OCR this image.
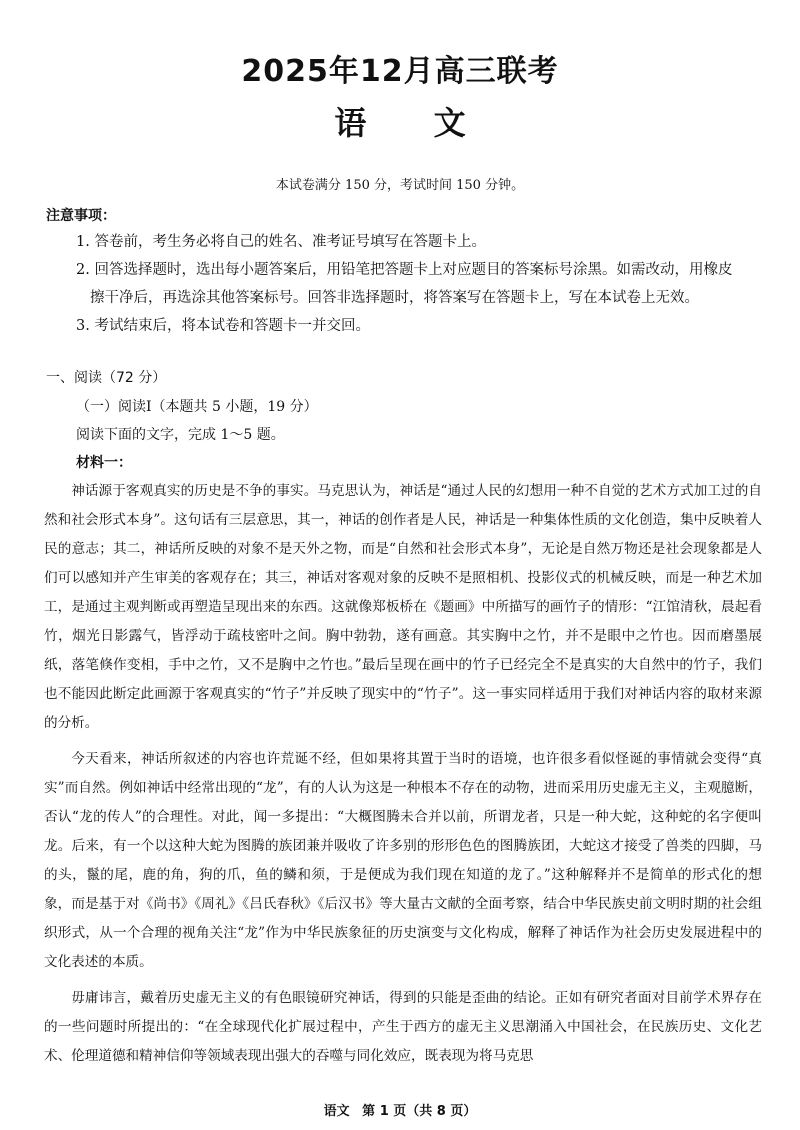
2025年12月高三联考
语 文

本试卷满分 150 分，考试时间 150 分钟。

注意事项：

1. 答卷前，考生务必将自己的姓名、准考证号填写在答题卡上。

2. 回答选择题时，选出每小题答案后，用铅笔把答题卡上对应题目的答案标号涂黑。如需改动，用橡皮

擦干净后，再选涂其他答案标号。回答非选择题时，将答案写在答题卡上，写在本试卷上无效。

3. 考试结束后，将本试卷和答题卡一并交回。

一、阅读（72 分）

（一）阅读Ⅰ（本题共 5 小题，19 分）

阅读下面的文字，完成 1～5 题。

材料一：

神话源于客观真实的历史是不争的事实。马克思认为，神话是“通过人民的幻想用一种不自觉的艺术方式加工过的自然和社会形式本身”。这句话有三层意思，其一，神话的创作者是人民，神话是一种集体性质的文化创造，集中反映着人民的意志；其二，神话所反映的对象不是天外之物，而是“自然和社会形式本身”，无论是自然万物还是社会现象都是人们可以感知并产生审美的客观存在；其三，神话对客观对象的反映不是照相机、投影仪式的机械反映，而是一种艺术加工，是通过主观判断或再塑造呈现出来的东西。这就像郑板桥在《题画》中所描写的画竹子的情形：“江馆清秋，晨起看竹，烟光日影露气，皆浮动于疏枝密叶之间。胸中勃勃，遂有画意。其实胸中之竹，并不是眼中之竹也。因而磨墨展纸，落笔倏作变相，手中之竹，又不是胸中之竹也。”最后呈现在画中的竹子已经完全不是真实的大自然中的竹子，我们也不能因此断定此画源于客观真实的“竹子”并反映了现实中的“竹子”。这一事实同样适用于我们对神话内容的取材来源的分析。

今天看来，神话所叙述的内容也许荒诞不经，但如果将其置于当时的语境，也许很多看似怪诞的事情就会变得“真实”而自然。例如神话中经常出现的“龙”，有的人认为这是一种根本不存在的动物，进而采用历史虚无主义，主观臆断，否认“龙的传人”的合理性。对此，闻一多提出：“大概图腾未合并以前，所谓龙者，只是一种大蛇，这种蛇的名字便叫龙。后来，有一个以这种大蛇为图腾的族团兼并吸收了许多别的形形色色的图腾族团，大蛇这才接受了兽类的四脚，马的头，鬣的尾，鹿的角，狗的爪，鱼的鳞和须，于是便成为我们现在知道的龙了。”这种解释并不是简单的形式化的想象，而是基于对《尚书》《周礼》《吕氏春秋》《后汉书》等大量古文献的全面考察，结合中华民族史前文明时期的社会组织形式，从一个合理的视角关注“龙”作为中华民族象征的历史演变与文化构成，解释了神话作为社会历史发展进程中的文化表述的本质。

毋庸讳言，戴着历史虚无主义的有色眼镜研究神话，得到的只能是歪曲的结论。正如有研究者面对目前学术界存在的一些问题时所提出的：“在全球现代化扩展过程中，产生于西方的虚无主义思潮涌入中国社会，在民族历史、文化艺术、伦理道德和精神信仰等领域表现出强大的吞噬与同化效应，既表现为将马克思

语文 第 1 页（共 8 页）
